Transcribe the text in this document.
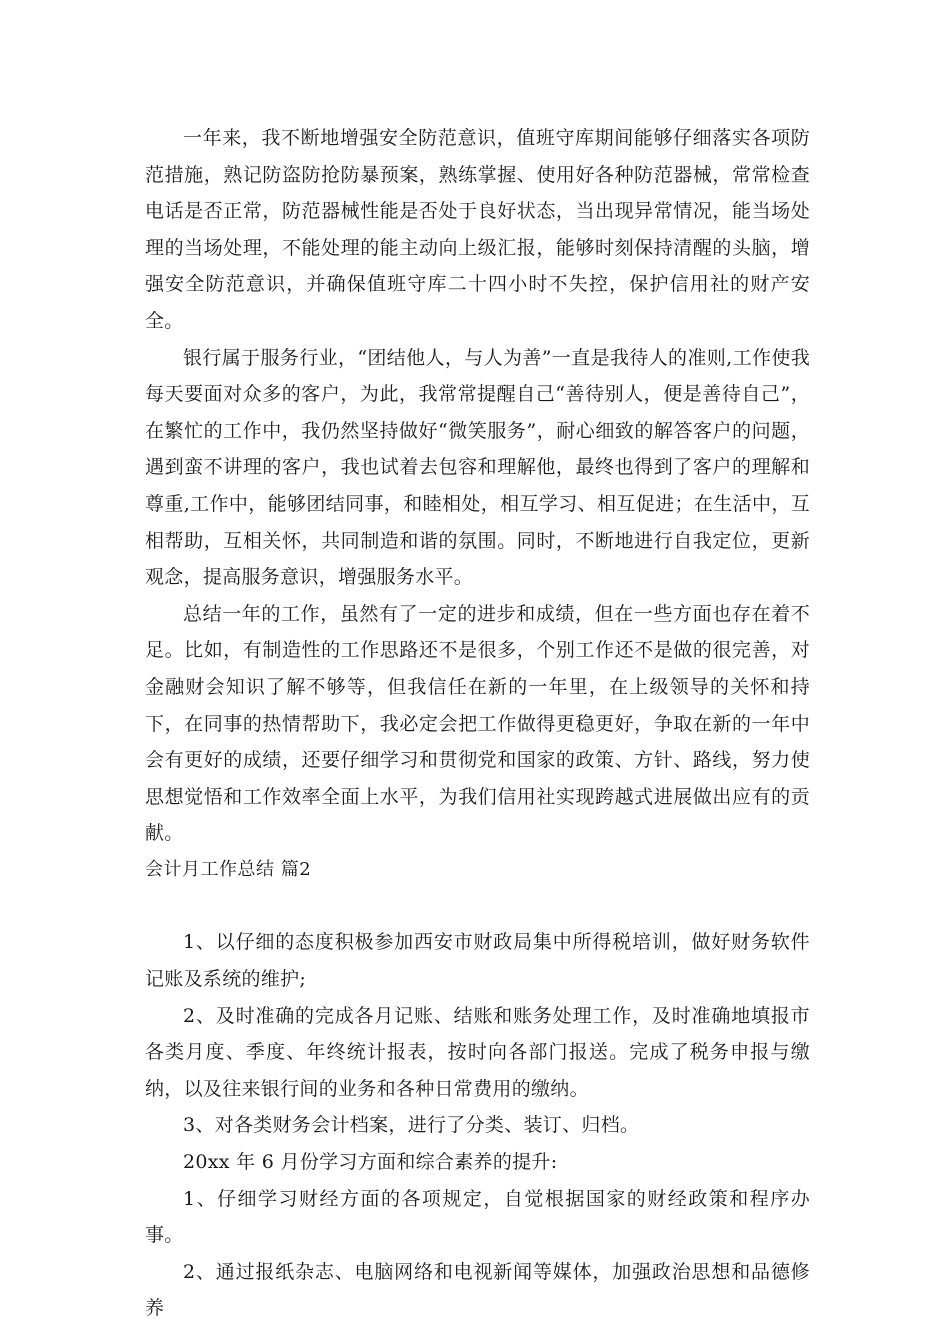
一年来，我不断地增强安全防范意识，值班守库期间能够仔细落实各项防范措施，熟记防盗防抢防暴预案，熟练掌握、使用好各种防范器械，常常检查电话是否正常，防范器械性能是否处于良好状态，当出现异常情况，能当场处理的当场处理，不能处理的能主动向上级汇报，能够时刻保持清醒的头脑，增强安全防范意识，并确保值班守库二十四小时不失控，保护信用社的财产安全。

银行属于服务行业，“团结他人，与人为善”一直是我待人的准则,工作使我每天要面对众多的客户，为此，我常常提醒自己“善待别人，便是善待自己”，在繁忙的工作中，我仍然坚持做好“微笑服务”，耐心细致的解答客户的问题，遇到蛮不讲理的客户，我也试着去包容和理解他，最终也得到了客户的理解和尊重,工作中，能够团结同事，和睦相处，相互学习、相互促进；在生活中，互相帮助，互相关怀，共同制造和谐的氛围。同时，不断地进行自我定位，更新观念，提高服务意识，增强服务水平。

总结一年的工作，虽然有了一定的进步和成绩，但在一些方面也存在着不足。比如，有制造性的工作思路还不是很多，个别工作还不是做的很完善，对金融财会知识了解不够等，但我信任在新的一年里，在上级领导的关怀和持下，在同事的热情帮助下，我必定会把工作做得更稳更好，争取在新的一年中会有更好的成绩，还要仔细学习和贯彻党和国家的政策、方针、路线，努力使思想觉悟和工作效率全面上水平，为我们信用社实现跨越式进展做出应有的贡献。

会计月工作总结 篇2

1、以仔细的态度积极参加西安市财政局集中所得税培训，做好财务软件记账及系统的维护;

2、及时准确的完成各月记账、结账和账务处理工作，及时准确地填报市各类月度、季度、年终统计报表，按时向各部门报送。完成了税务申报与缴纳，以及往来银行间的业务和各种日常费用的缴纳。

3、对各类财务会计档案，进行了分类、装订、归档。

20xx 年 6 月份学习方面和综合素养的提升:

1、仔细学习财经方面的各项规定，自觉根据国家的财经政策和程序办事。

2、通过报纸杂志、电脑网络和电视新闻等媒体，加强政治思想和品德修养
